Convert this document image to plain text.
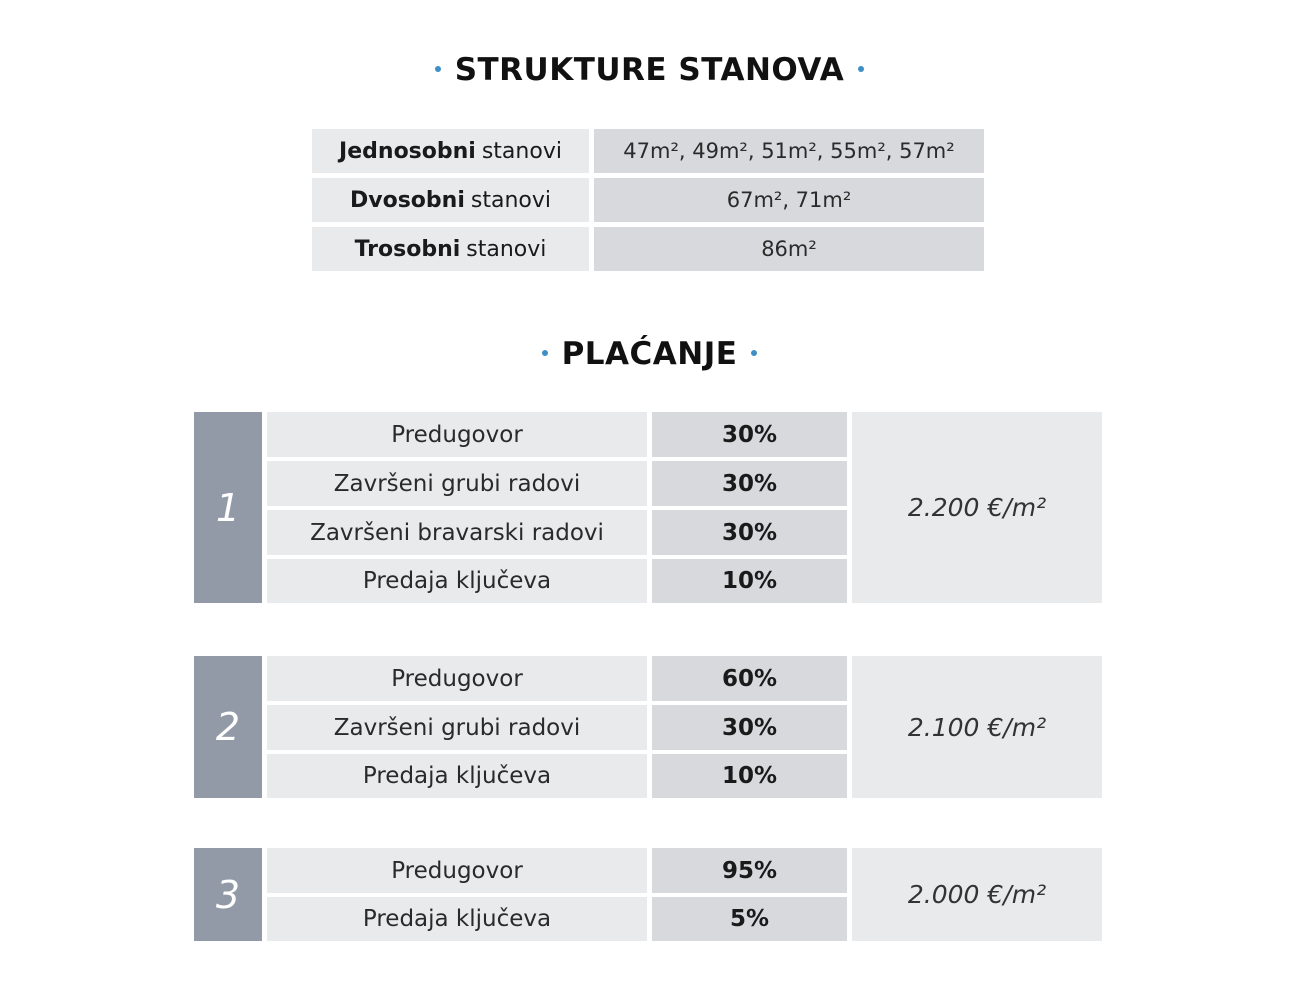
STRUKTURE STANOVA
Jednosobni stanovi	47m², 49m², 51m², 55m², 57m²
Dvosobni stanovi	67m², 71m²
Trosobni stanovi	86m²
PLAĆANJE
1
Predugovor	30%
Završeni grubi radovi	30%
Završeni bravarski radovi	30%
Predaja ključeva	10%
2.200 €/m²
2
Predugovor	60%
Završeni grubi radovi	30%
Predaja ključeva	10%
2.100 €/m²
3
Predugovor	95%
Predaja ključeva	5%
2.000 €/m²
